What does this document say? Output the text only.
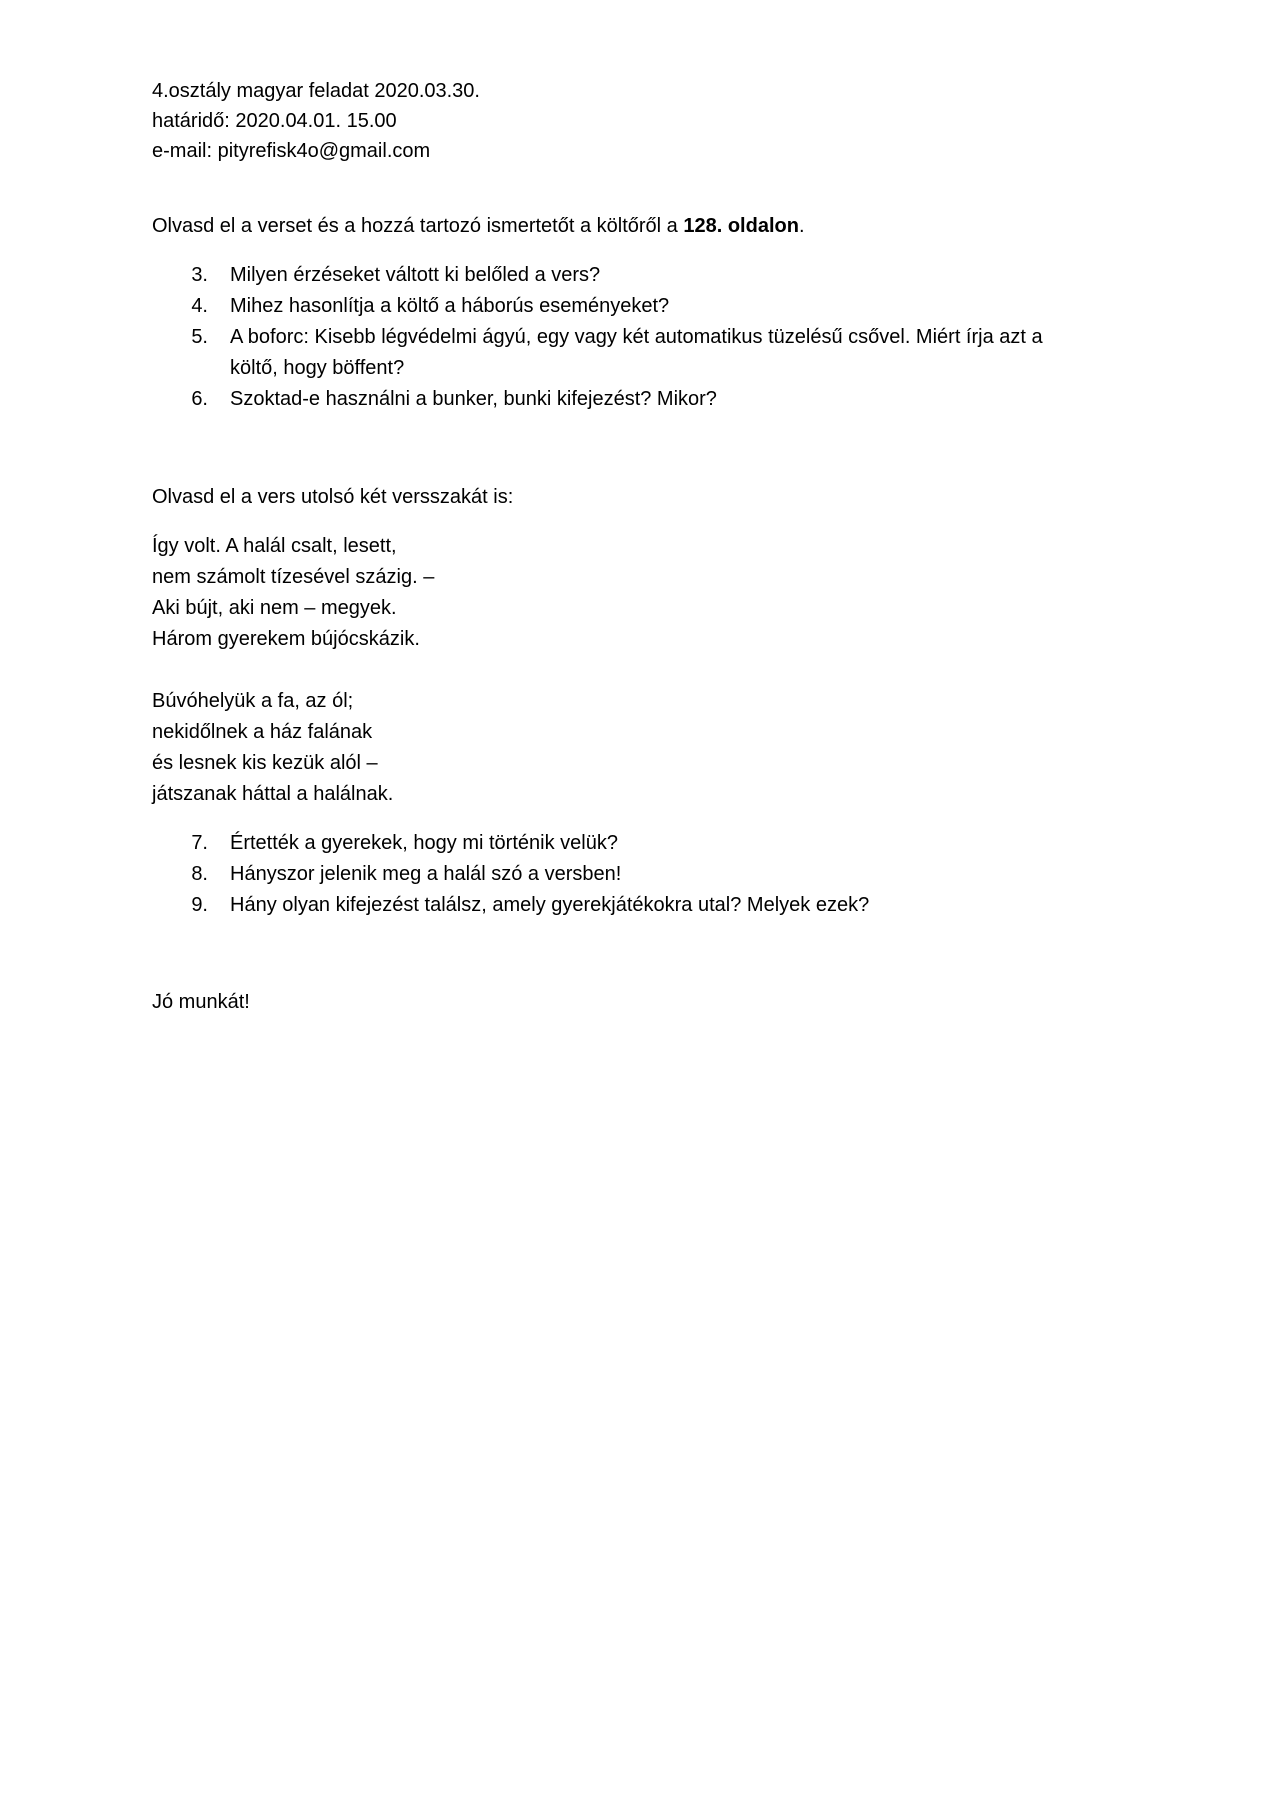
4.osztály magyar feladat 2020.03.30.
határidő: 2020.04.01. 15.00
e-mail: pityrefisk4o@gmail.com
Olvasd el a verset és a hozzá tartozó ismertetőt a költőről a 128. oldalon.
3. Milyen érzéseket váltott ki belőled a vers?
4. Mihez hasonlítja a költő a háborús eseményeket?
5. A boforc: Kisebb légvédelmi ágyú, egy vagy két automatikus tüzelésű csővel. Miért írja azt a
költő, hogy böffent?
6. Szoktad-e használni a bunker, bunki kifejezést? Mikor?
Olvasd el a vers utolsó két versszakát is:
Így volt. A halál csalt, lesett,
nem számolt tízesével százig. –
Aki bújt, aki nem – megyek.
Három gyerekem bújócskázik.
Búvóhelyük a fa, az ól;
nekidőlnek a ház falának
és lesnek kis kezük alól –
játszanak háttal a halálnak.
7. Értették a gyerekek, hogy mi történik velük?
8. Hányszor jelenik meg a halál szó a versben!
9. Hány olyan kifejezést találsz, amely gyerekjátékokra utal? Melyek ezek?
Jó munkát!
